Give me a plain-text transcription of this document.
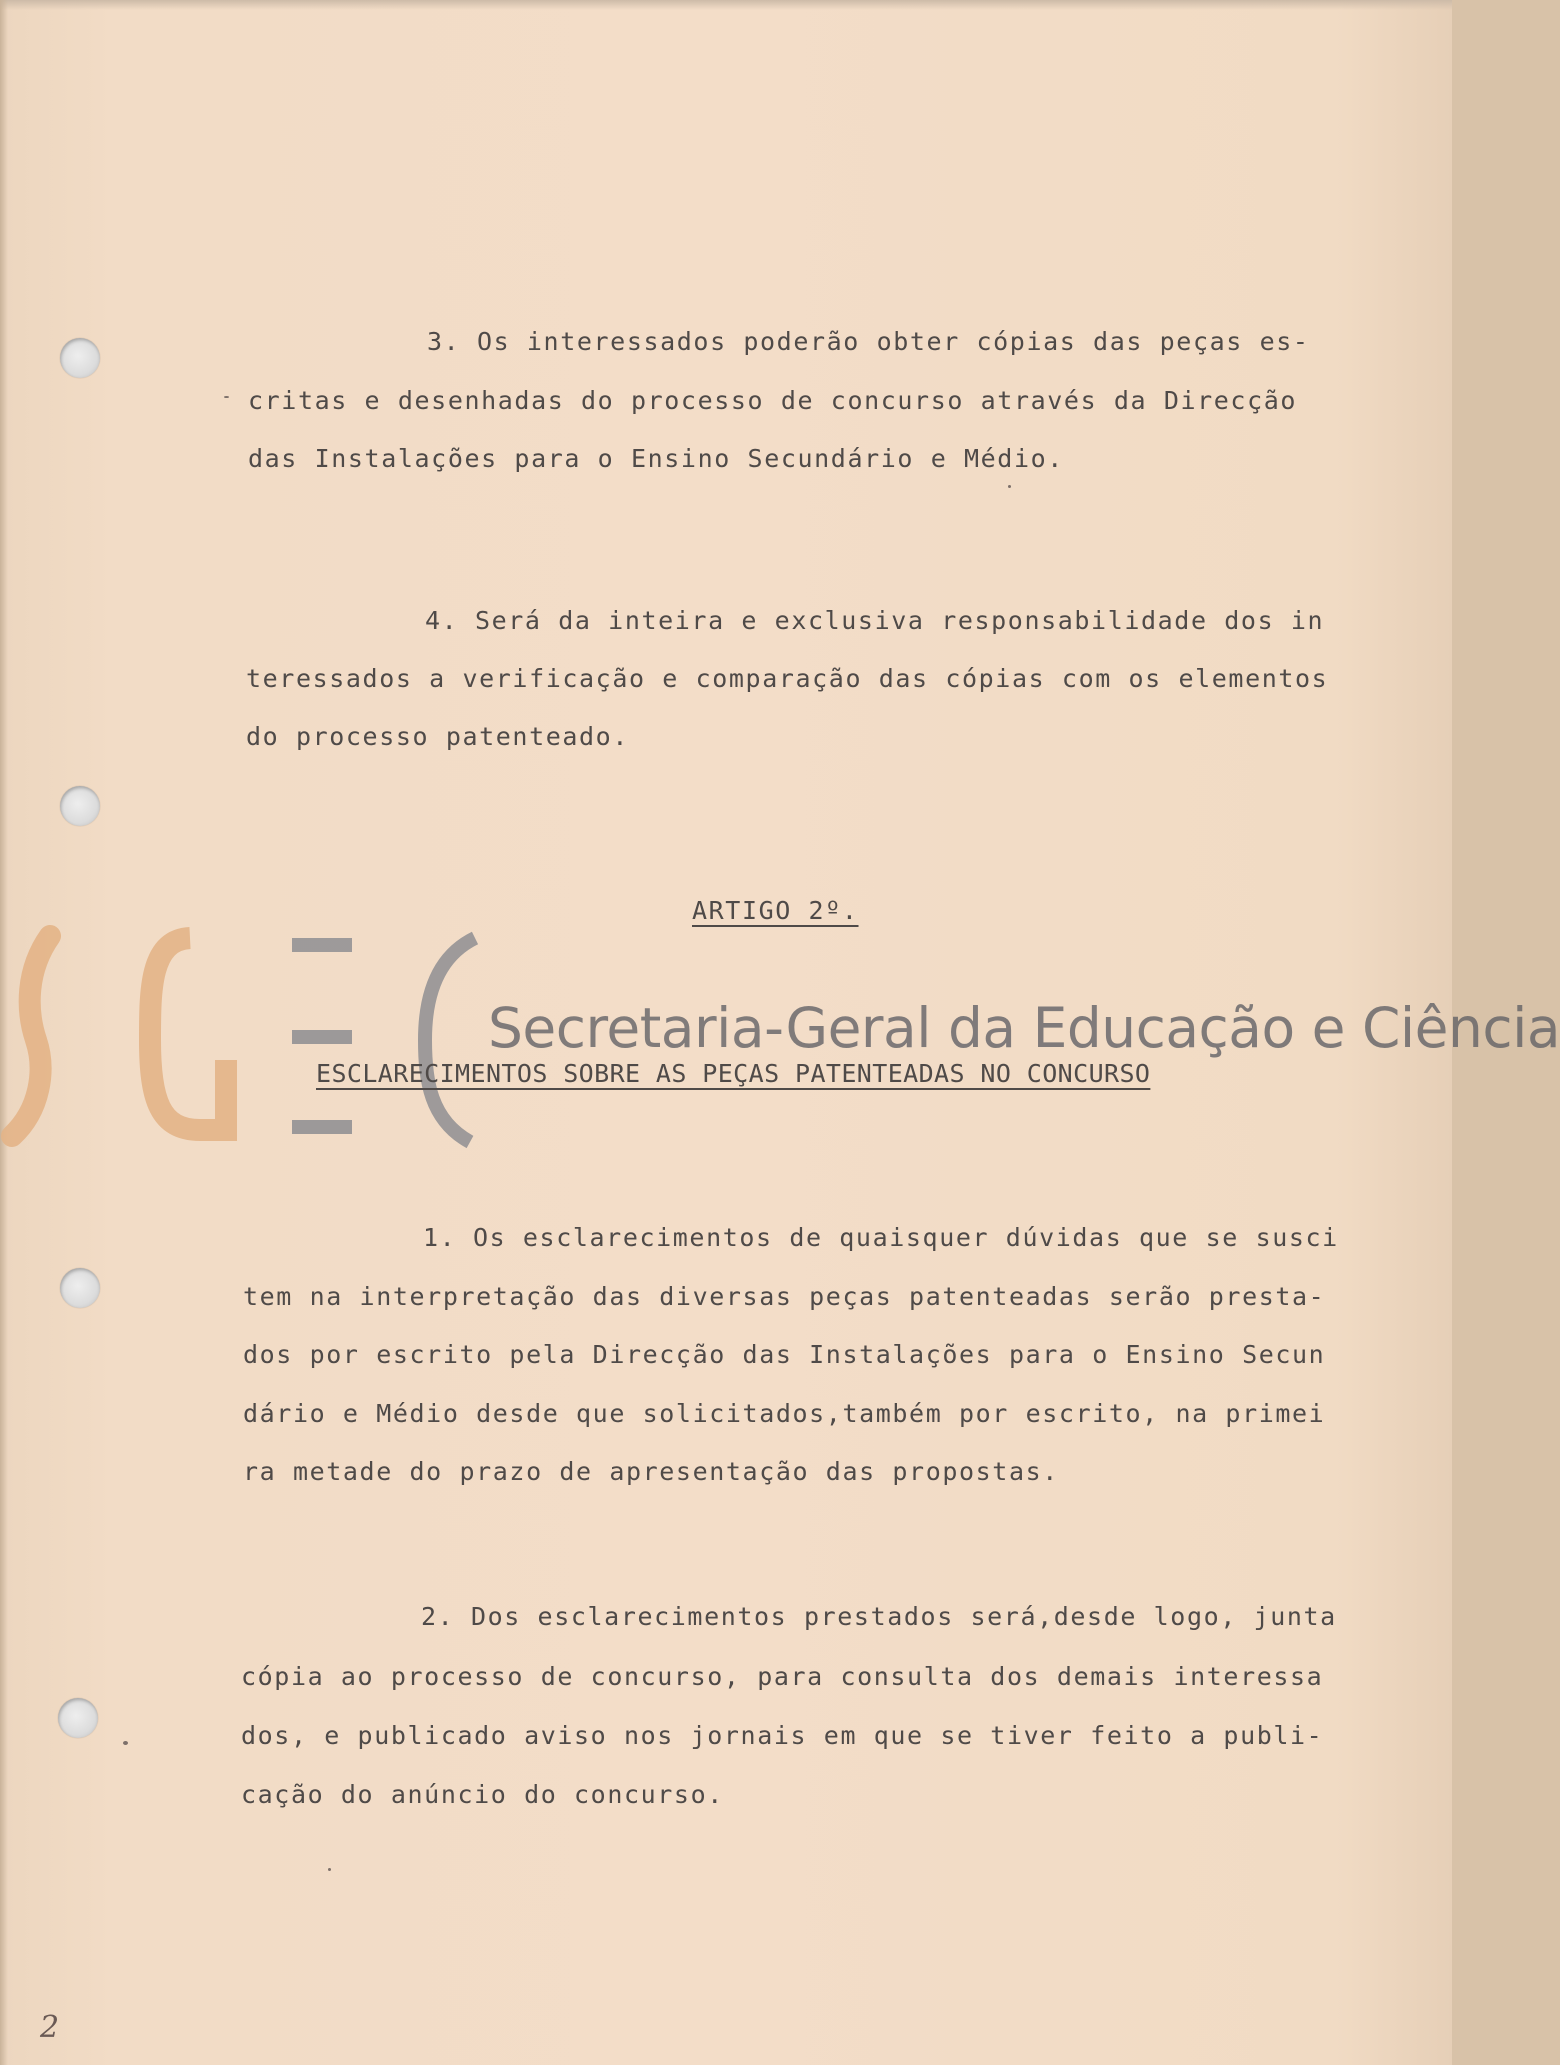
Secretaria-Geral da Educação e Ciência
3. Os interessados poderão obter cópias das peças es-
critas e desenhadas do processo de concurso através da Direcção
das Instalações para o Ensino Secundário e Médio.
4. Será da inteira e exclusiva responsabilidade dos in
teressados a verificação e comparação das cópias com os elementos
do processo patenteado.
ARTIGO 2º.
ESCLARECIMENTOS SOBRE AS PEÇAS PATENTEADAS NO CONCURSO
1. Os esclarecimentos de quaisquer dúvidas que se susci
tem na interpretação das diversas peças patenteadas serão presta-
dos por escrito pela Direcção das Instalações para o Ensino Secun
dário e Médio desde que solicitados,também por escrito, na primei
ra metade do prazo de apresentação das propostas.
2. Dos esclarecimentos prestados será,desde logo, junta
cópia ao processo de concurso, para consulta dos demais interessa
dos, e publicado aviso nos jornais em que se tiver feito a publi-
cação do anúncio do concurso.
2
